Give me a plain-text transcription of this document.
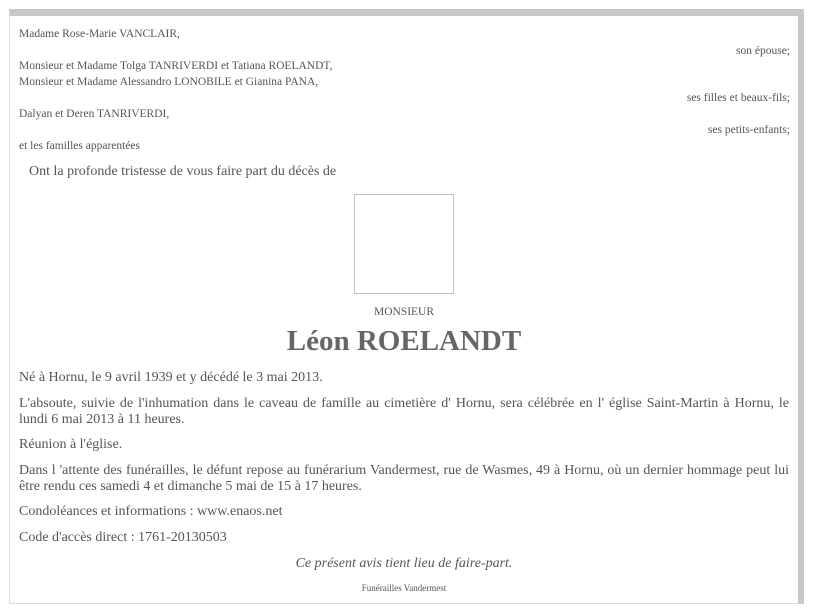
Madame Rose-Marie VANCLAIR,
son épouse;
Monsieur et Madame Tolga TANRIVERDI et Tatiana ROELANDT,
Monsieur et Madame Alessandro LONOBILE et Gianina PANA,
ses filles et beaux-fils;
Dalyan et Deren TANRIVERDI,
ses petits-enfants;
et les familles apparentées
Ont la profonde tristesse de vous faire part du décès de
MONSIEUR
Léon ROELANDT
Né à Hornu, le 9 avril 1939 et y décédé le 3 mai 2013.
L'absoute, suivie de l'inhumation dans le caveau de famille au cimetière d' Hornu, sera célébrée en l' église Saint-Martin à Hornu, le lundi 6 mai 2013 à 11 heures.
Réunion à l'église.
Dans l 'attente des funérailles, le défunt repose au funérarium Vandermest, rue de Wasmes, 49 à Hornu, où un dernier hommage peut lui être rendu ces samedi 4 et dimanche 5 mai de 15 à 17 heures.
Condoléances et informations : www.enaos.net
Code d'accès direct : 1761-20130503
Ce présent avis tient lieu de faire-part.
Funérailles Vandermest
